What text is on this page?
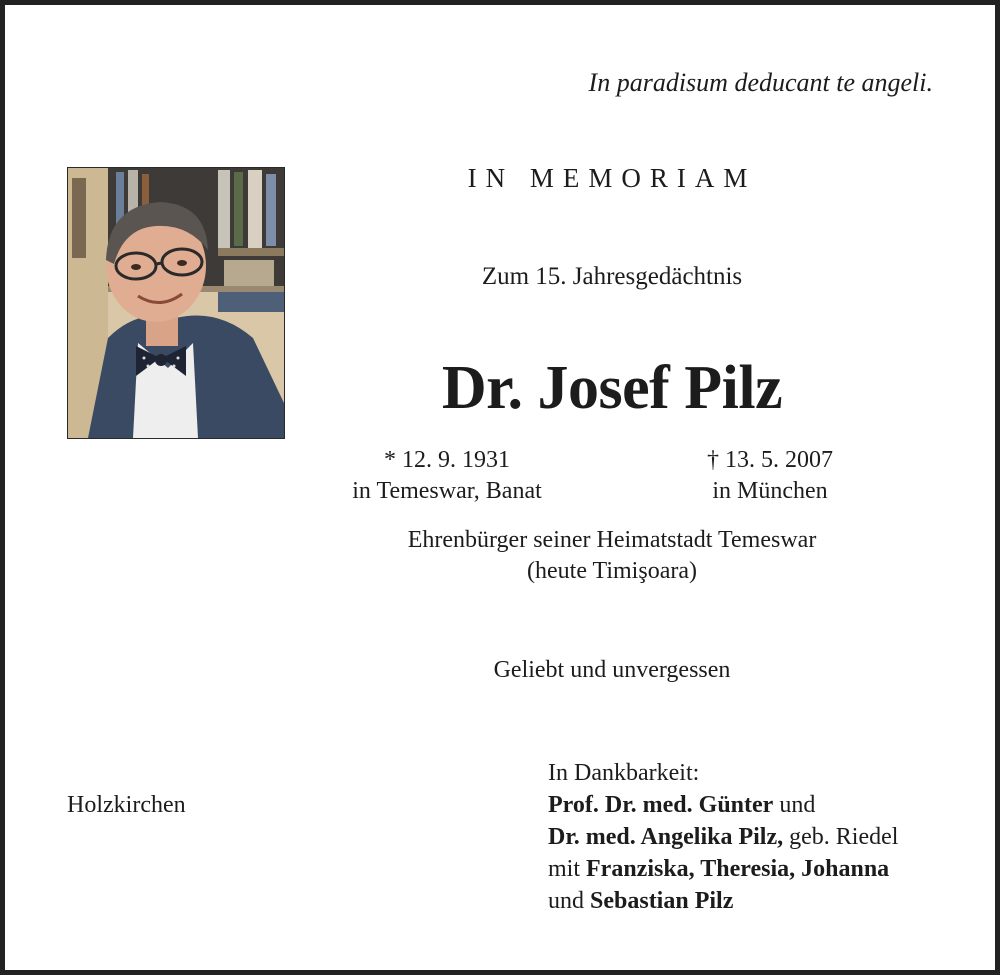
In paradisum deducant te angeli.
IN MEMORIAM
Zum 15. Jahresgedächtnis
Dr. Josef Pilz
* 12. 9. 1931
in Temeswar, Banat
† 13. 5. 2007
in München
Ehrenbürger seiner Heimatstadt Temeswar
(heute Timişoara)
Geliebt und unvergessen
Holzkirchen
In Dankbarkeit:
Prof. Dr. med. Günter und
Dr. med. Angelika Pilz, geb. Riedel
mit Franziska, Theresia, Johanna
und Sebastian Pilz
